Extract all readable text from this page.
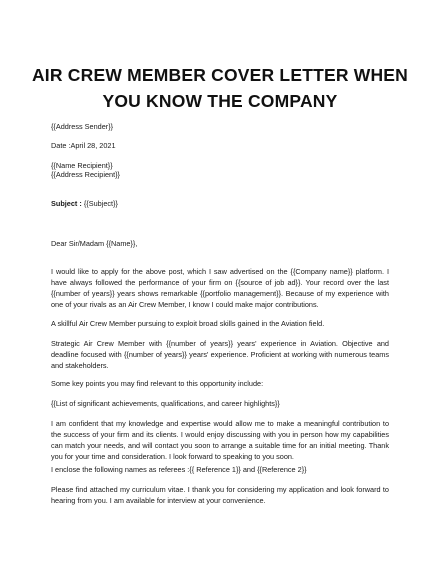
AIR CREW MEMBER COVER LETTER WHEN
YOU KNOW THE COMPANY
{{Address Sender}}
Date :April 28, 2021
{{Name Recipient}}
{{Address Recipient}}
Subject : {{Subject}}
Dear Sir/Madam {{Name}},
I would like to apply for the above post, which I saw advertised on the {{Company name}} platform. I have always followed the performance of your firm on {{source of job ad}}. Your record over the last {{number of years}} years shows remarkable {{portfolio management}}. Because of my experience with one of your rivals as an Air Crew Member, I know I could make major contributions.
A skillful Air Crew Member pursuing to exploit broad skills gained in the Aviation field.
Strategic Air Crew Member with {{number of years}} years' experience in Aviation. Objective and deadline focused with {{number of years}} years' experience. Proficient at working with numerous teams and stakeholders.
Some key points you may find relevant to this opportunity include:
{{List of significant achievements, qualifications, and career highlights}}
I am confident that my knowledge and expertise would allow me to make a meaningful contribution to the success of your firm and its clients. I would enjoy discussing with you in person how my capabilities can match your needs, and will contact you soon to arrange a suitable time for an initial meeting. Thank you for your time and consideration. I look forward to speaking to you soon.
I enclose the following names as referees :{{ Reference 1}} and {{Reference 2}}
Please find attached my curriculum vitae. I thank you for considering my application and look forward to hearing from you. I am available for interview at your convenience.
